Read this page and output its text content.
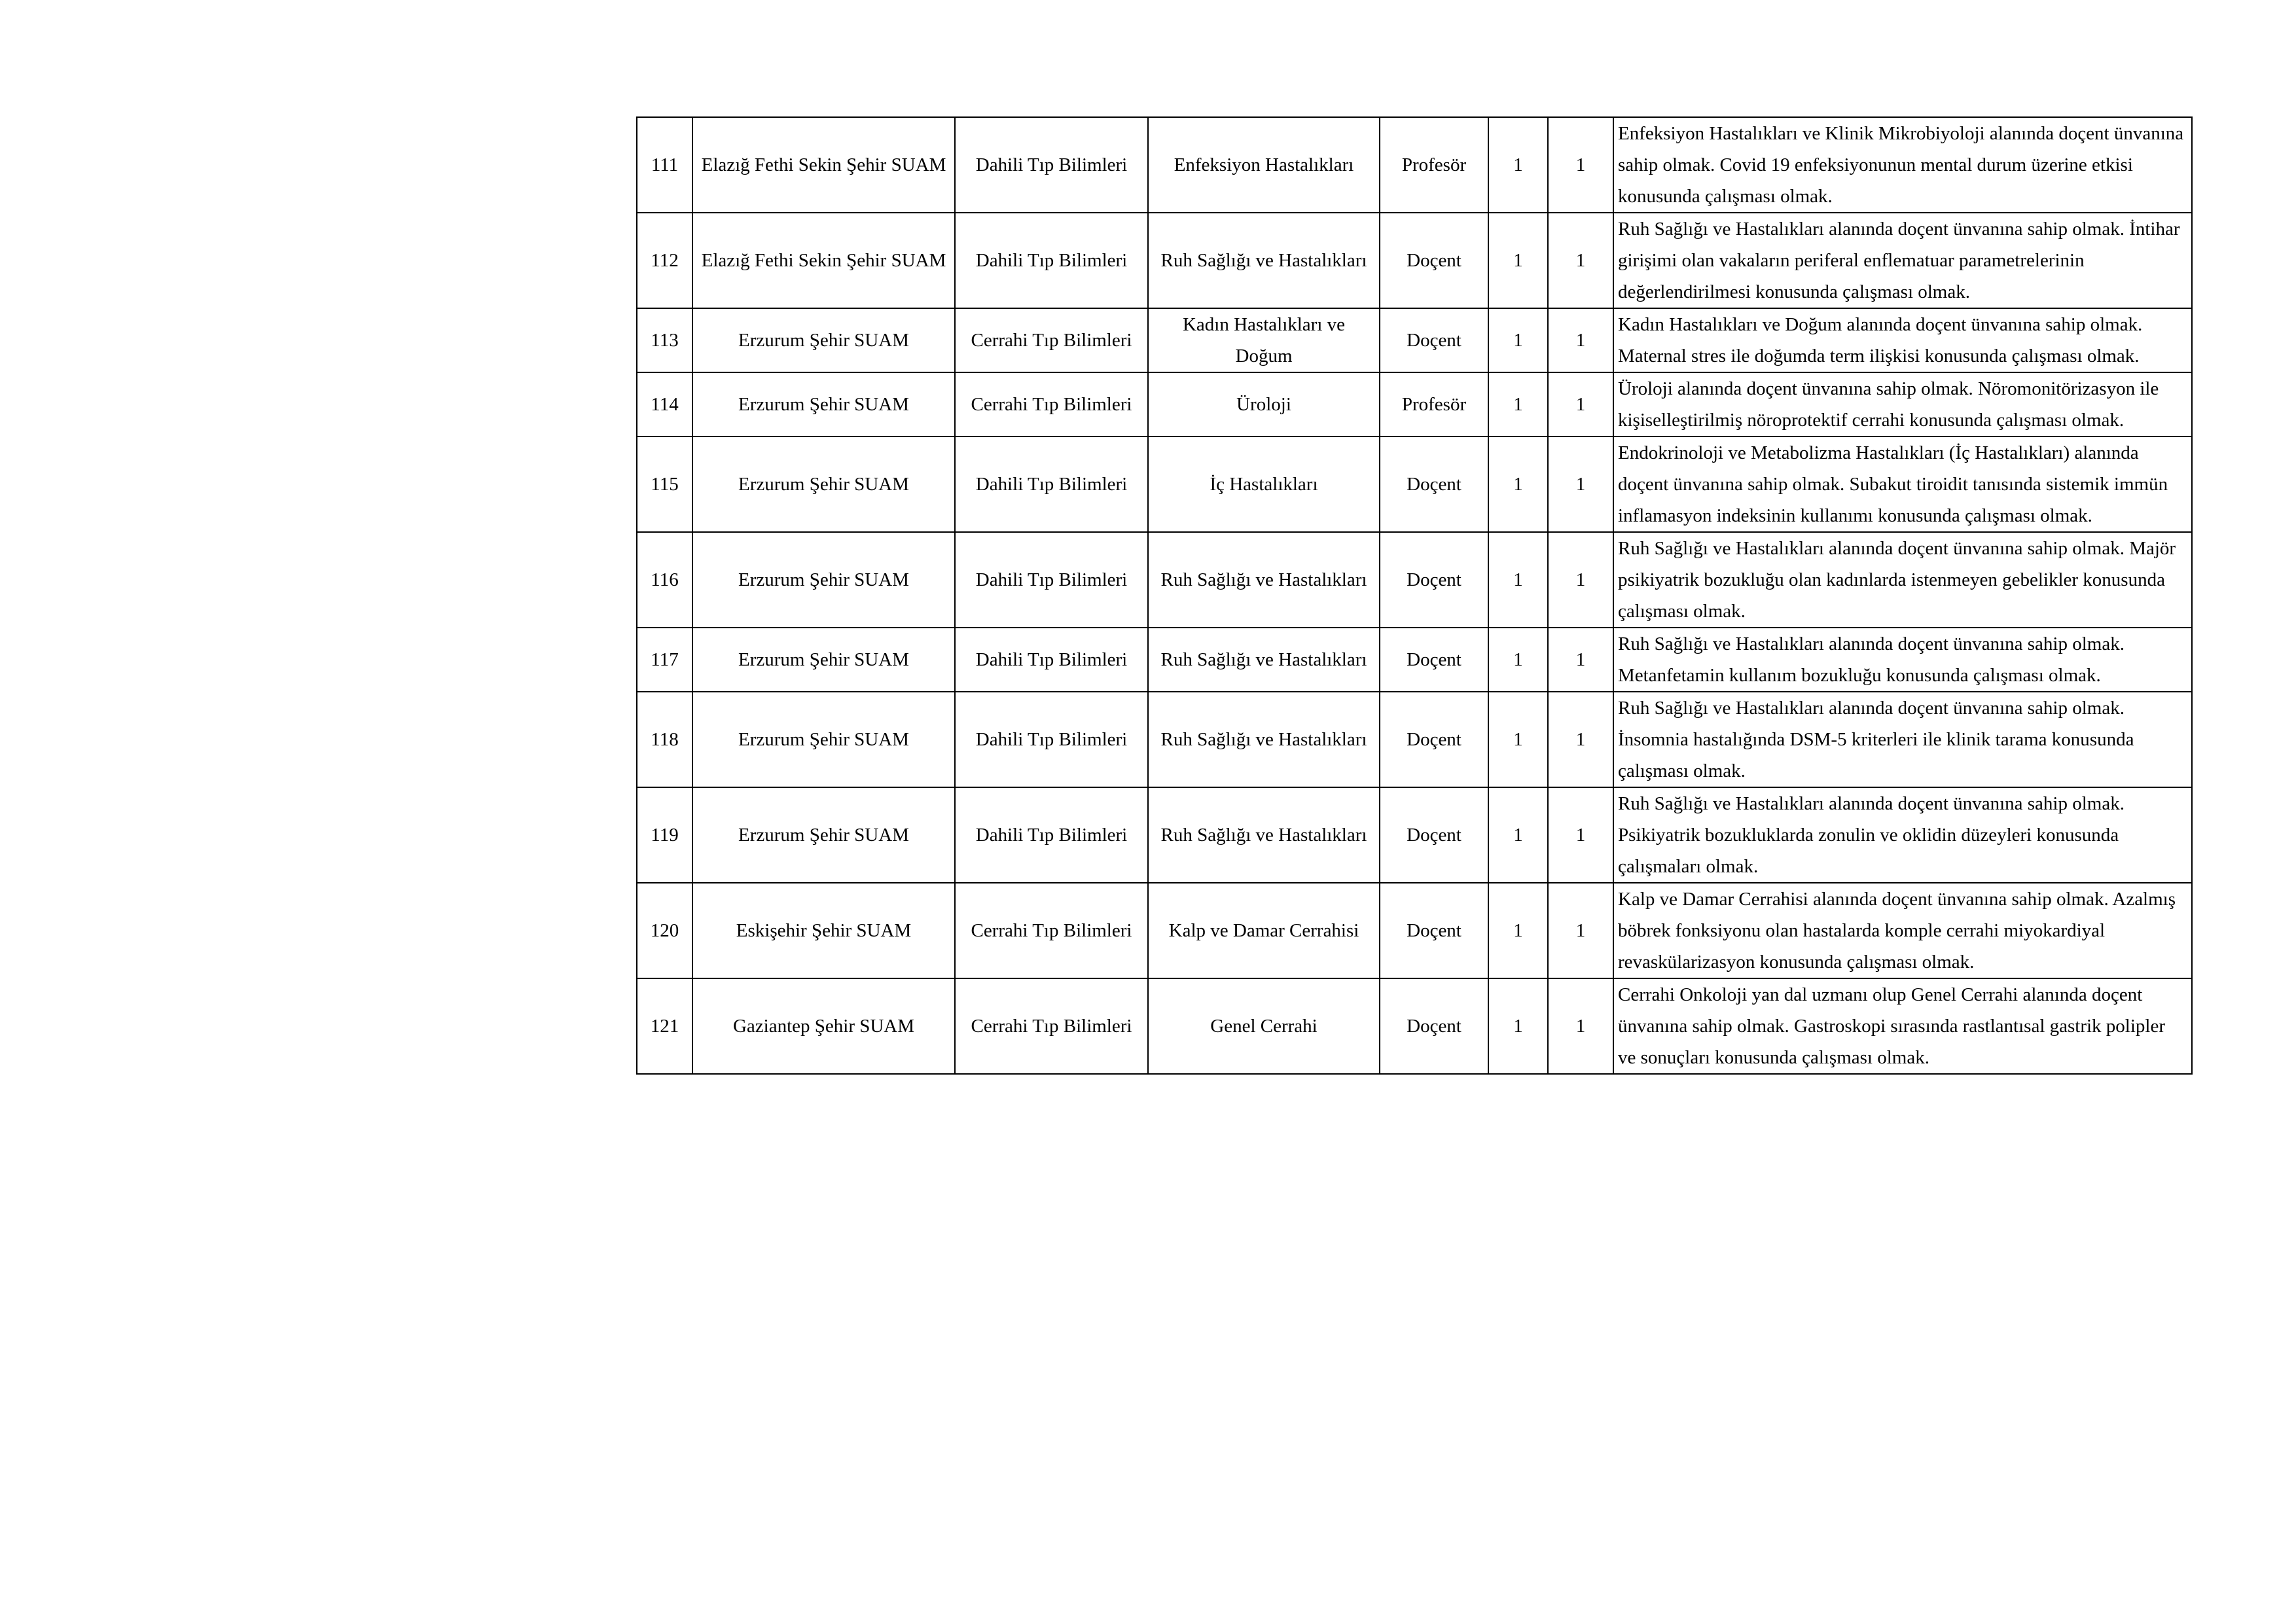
111	Elazığ Fethi Sekin Şehir SUAM	Dahili Tıp Bilimleri	Enfeksiyon Hastalıkları	Profesör	1	1	Enfeksiyon Hastalıkları ve Klinik Mikrobiyoloji alanında doçent ünvanına sahip olmak. Covid 19 enfeksiyonunun mental durum üzerine etkisi konusunda çalışması olmak.
112	Elazığ Fethi Sekin Şehir SUAM	Dahili Tıp Bilimleri	Ruh Sağlığı ve Hastalıkları	Doçent	1	1	Ruh Sağlığı ve Hastalıkları alanında doçent ünvanına sahip olmak. İntihar girişimi olan vakaların periferal enflematuar parametrelerinin değerlendirilmesi konusunda çalışması olmak.
113	Erzurum Şehir SUAM	Cerrahi Tıp Bilimleri	Kadın Hastalıkları ve Doğum	Doçent	1	1	Kadın Hastalıkları ve Doğum alanında doçent ünvanına sahip olmak. Maternal stres ile doğumda term ilişkisi konusunda çalışması olmak.
114	Erzurum Şehir SUAM	Cerrahi Tıp Bilimleri	Üroloji	Profesör	1	1	Üroloji alanında doçent ünvanına sahip olmak. Nöromonitörizasyon ile kişiselleştirilmiş nöroprotektif cerrahi konusunda çalışması olmak.
115	Erzurum Şehir SUAM	Dahili Tıp Bilimleri	İç Hastalıkları	Doçent	1	1	Endokrinoloji ve Metabolizma Hastalıkları (İç Hastalıkları) alanında doçent ünvanına sahip olmak. Subakut tiroidit tanısında sistemik immün inflamasyon indeksinin kullanımı konusunda çalışması olmak.
116	Erzurum Şehir SUAM	Dahili Tıp Bilimleri	Ruh Sağlığı ve Hastalıkları	Doçent	1	1	Ruh Sağlığı ve Hastalıkları alanında doçent ünvanına sahip olmak. Majör psikiyatrik bozukluğu olan kadınlarda istenmeyen gebelikler konusunda çalışması olmak.
117	Erzurum Şehir SUAM	Dahili Tıp Bilimleri	Ruh Sağlığı ve Hastalıkları	Doçent	1	1	Ruh Sağlığı ve Hastalıkları alanında doçent ünvanına sahip olmak. Metanfetamin kullanım bozukluğu konusunda çalışması olmak.
118	Erzurum Şehir SUAM	Dahili Tıp Bilimleri	Ruh Sağlığı ve Hastalıkları	Doçent	1	1	Ruh Sağlığı ve Hastalıkları alanında doçent ünvanına sahip olmak. İnsomnia hastalığında DSM-5 kriterleri ile klinik tarama konusunda çalışması olmak.
119	Erzurum Şehir SUAM	Dahili Tıp Bilimleri	Ruh Sağlığı ve Hastalıkları	Doçent	1	1	Ruh Sağlığı ve Hastalıkları alanında doçent ünvanına sahip olmak. Psikiyatrik bozukluklarda zonulin ve oklidin düzeyleri konusunda çalışmaları olmak.
120	Eskişehir Şehir SUAM	Cerrahi Tıp Bilimleri	Kalp ve Damar Cerrahisi	Doçent	1	1	Kalp ve Damar Cerrahisi alanında doçent ünvanına sahip olmak. Azalmış böbrek fonksiyonu olan hastalarda komple cerrahi miyokardiyal revaskülarizasyon konusunda çalışması olmak.
121	Gaziantep Şehir SUAM	Cerrahi Tıp Bilimleri	Genel Cerrahi	Doçent	1	1	Cerrahi Onkoloji yan dal uzmanı olup Genel Cerrahi alanında doçent ünvanına sahip olmak. Gastroskopi sırasında rastlantısal gastrik polipler ve sonuçları konusunda çalışması olmak.
